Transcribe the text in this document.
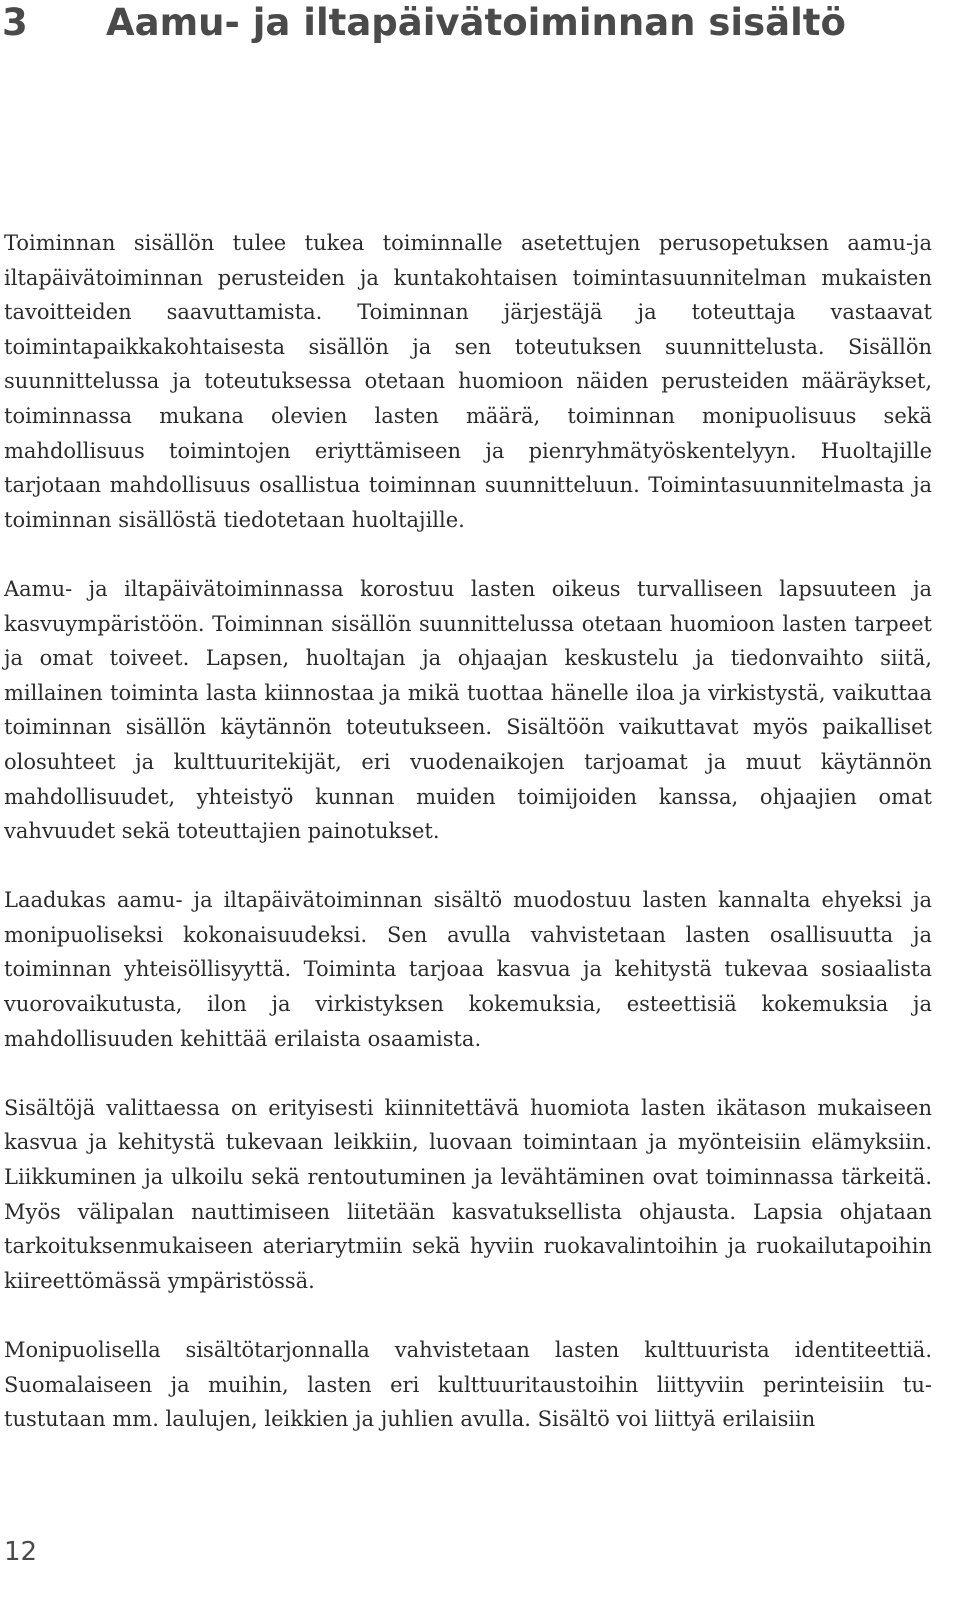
3 Aamu- ja iltapäivätoiminnan sisältö

Toiminnan sisällön tulee tukea toiminnalle asetettujen perusopetuksen aamu-ja iltapäivätoiminnan perusteiden ja kuntakohtaisen toimintasuunnitelman mukaisten tavoitteiden saavuttamista. Toiminnan järjestäjä ja toteuttaja vastaavat toimintapaikkakohtaisesta sisällön ja sen toteutuksen suunnittelusta. Sisällön suunnittelussa ja toteutuksessa otetaan huomioon näiden perusteiden määräykset, toiminnassa mukana olevien lasten määrä, toiminnan monipuolisuus sekä mahdollisuus toimintojen eriyttämiseen ja pienryhmätyöskentelyyn. Huoltajille tarjotaan mahdollisuus osallistua toiminnan suunnitteluun. Toimintasuunnitelmasta ja toiminnan sisällöstä tiedotetaan huoltajille.

Aamu- ja iltapäivätoiminnassa korostuu lasten oikeus turvalliseen lapsuuteen ja kasvuympäristöön. Toiminnan sisällön suunnittelussa otetaan huomioon lasten tarpeet ja omat toiveet. Lapsen, huoltajan ja ohjaajan keskustelu ja tiedonvaihto siitä, millainen toiminta lasta kiinnostaa ja mikä tuottaa hänelle iloa ja virkistystä, vaikuttaa toiminnan sisällön käytännön toteutukseen. Sisältöön vaikuttavat myös paikalliset olosuhteet ja kulttuuritekijät, eri vuodenaikojen tarjoamat ja muut käytännön mahdollisuudet, yhteistyö kunnan muiden toimijoiden kanssa, ohjaajien omat vahvuudet sekä toteuttajien painotukset.

Laadukas aamu- ja iltapäivätoiminnan sisältö muodostuu lasten kannalta ehyeksi ja monipuoliseksi kokonaisuudeksi. Sen avulla vahvistetaan lasten osallisuutta ja toiminnan yhteisöllisyyttä. Toiminta tarjoaa kasvua ja kehitystä tukevaa sosiaalista vuorovaikutusta, ilon ja virkistyksen kokemuksia, esteettisiä kokemuksia ja mahdollisuuden kehittää erilaista osaamista.

Sisältöjä valittaessa on erityisesti kiinnitettävä huomiota lasten ikätason mukaiseen kasvua ja kehitystä tukevaan leikkiin, luovaan toimintaan ja myönteisiin elämyksiin. Liikkuminen ja ulkoilu sekä rentoutuminen ja levähtäminen ovat toiminnassa tärkeitä. Myös välipalan nauttimiseen liitetään kasvatuksellista ohjausta. Lapsia ohjataan tarkoituksenmukaiseen ateriarytmiin sekä hyviin ruokavalintoihin ja ruokailutapoihin kiireettömässä ympäristössä.

Monipuolisella sisältötarjonnalla vahvistetaan lasten kulttuurista identiteettiä. Suomalaiseen ja muihin, lasten eri kulttuuritaustoihin liittyviin perinteisiin tutustutaan mm. laulujen, leikkien ja juhlien avulla. Sisältö voi liittyä erilaisiin

12
